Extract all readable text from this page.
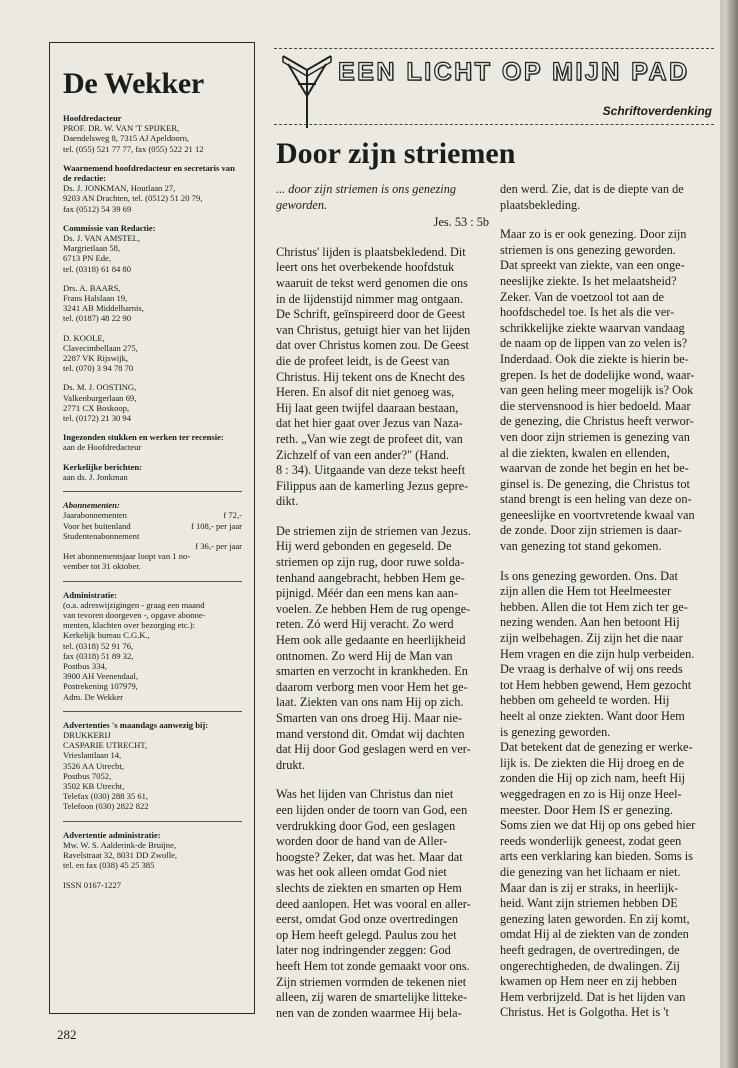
De Wekker
Hoofdredacteur
PROF. DR. W. VAN 'T SPIJKER,
Daendelsweg 8, 7315 AJ Apeldoorn,
tel. (055) 521 77 77, fax (055) 522 21 12
Waarnemend hoofdredacteur en secretaris van de redactie:
Ds. J. JONKMAN, Houtlaan 27,
9203 AN Drachten, tel. (0512) 51 20 79,
fax (0512) 54 39 69
Commissie van Redactie:
Ds. J. VAN AMSTEL,
Margrietlaan 58,
6713 PN Ede,
tel. (0318) 61 84 80
Drs. A. BAARS,
Frans Halslaan 19,
3241 AB Middelharnis,
tel. (0187) 48 22 90
D. KOOLE,
Clavecimbellaan 275,
2287 VK Rijswijk,
tel. (070) 3 94 78 70
Ds. M. J. OOSTING,
Valkenburgerlaan 69,
2771 CX Boskoop,
tel. (0172) 21 30 94
Ingezonden stukken en werken ter recensie:
aan de Hoofdredacteur
Kerkelijke berichten:
aan ds. J. Jonkman
Abonnementen:
Jaarabonnementen	f 72,-
Voor het buitenland	f 108,- per jaar
Studentenabonnement
f 36,- per jaar
Het abonnementsjaar loopt van 1 no-
vember tot 31 oktober.
Administratie:
(o.a. adreswijzigingen - graag een maand
van tevoren doorgeven -, opgave abonne-
menten, klachten over bezorging etc.):
Kerkelijk bureau C.G.K.,
tel. (0318) 52 91 76,
fax (0318) 51 89 32,
Postbus 334,
3900 AH Veenendaal,
Postrekening 107979,
Adm. De Wekker
Advertenties 's maandags aanwezig bij:
DRUKKERIJ
CASPARIE UTRECHT,
Vrieslantlaan 14,
3526 AA Utrecht,
Postbus 7052,
3502 KB Utrecht,
Telefax (030) 288 35 61,
Telefoon (030) 2822 822
Advertentie administratie:
Mw. W. S. Aalderink-de Bruijne,
Ravelstraat 32, 8031 DD Zwolle,
tel. en fax (038) 45 25 385
ISSN 0167-1227
EEN LICHT OP MIJN PAD
Schriftoverdenking
Door zijn striemen

... door zijn striemen is ons genezing
geworden.
Jes. 53 : 5b

Christus' lijden is plaatsbekledend. Dit
leert ons het overbekende hoofdstuk
waaruit de tekst werd genomen die ons
in de lijdenstijd nimmer mag ontgaan.
De Schrift, geïnspireerd door de Geest
van Christus, getuigt hier van het lijden
dat over Christus komen zou. De Geest
die de profeet leidt, is de Geest van
Christus. Hij tekent ons de Knecht des
Heren. En alsof dit niet genoeg was,
Hij laat geen twijfel daaraan bestaan,
dat het hier gaat over Jezus van Naza-
reth. „Van wie zegt de profeet dit, van
Zichzelf of van een ander?" (Hand.
8 : 34). Uitgaande van deze tekst heeft
Filippus aan de kamerling Jezus gepre-
dikt.

De striemen zijn de striemen van Jezus.
Hij werd gebonden en gegeseld. De
striemen op zijn rug, door ruwe solda-
tenhand aangebracht, hebben Hem ge-
pijnigd. Méér dan een mens kan aan-
voelen. Ze hebben Hem de rug openge-
reten. Zó werd Hij veracht. Zo werd
Hem ook alle gedaante en heerlijkheid
ontnomen. Zo werd Hij de Man van
smarten en verzocht in krankheden. En
daarom verborg men voor Hem het ge-
laat. Ziekten van ons nam Hij op zich.
Smarten van ons droeg Hij. Maar nie-
mand verstond dit. Omdat wij dachten
dat Hij door God geslagen werd en ver-
drukt.

Was het lijden van Christus dan niet
een lijden onder de toorn van God, een
verdrukking door God, een geslagen
worden door de hand van de Aller-
hoogste? Zeker, dat was het. Maar dat
was het ook alleen omdat God niet
slechts de ziekten en smarten op Hem
deed aanlopen. Het was vooral en aller-
eerst, omdat God onze overtredingen
op Hem heeft gelegd. Paulus zou het
later nog indringender zeggen: God
heeft Hem tot zonde gemaakt voor ons.
Zijn striemen vormden de tekenen niet
alleen, zij waren de smartelijke litteke-
nen van de zonden waarmee Hij bela-

den werd. Zie, dat is de diepte van de
plaatsbekleding.

Maar zo is er ook genezing. Door zijn
striemen is ons genezing geworden.
Dat spreekt van ziekte, van een onge-
neeslijke ziekte. Is het melaatsheid?
Zeker. Van de voetzool tot aan de
hoofdschedel toe. Is het als die ver-
schrikkelijke ziekte waarvan vandaag
de naam op de lippen van zo velen is?
Inderdaad. Ook die ziekte is hierin be-
grepen. Is het de dodelijke wond, waar-
van geen heling meer mogelijk is? Ook
die stervensnood is hier bedoeld. Maar
de genezing, die Christus heeft verwor-
ven door zijn striemen is genezing van
al die ziekten, kwalen en ellenden,
waarvan de zonde het begin en het be-
ginsel is. De genezing, die Christus tot
stand brengt is een heling van deze on-
geneeslijke en voortvretende kwaal van
de zonde. Door zijn striemen is daar-
van genezing tot stand gekomen.

Is ons genezing geworden. Ons. Dat
zijn allen die Hem tot Heelmeester
hebben. Allen die tot Hem zich ter ge-
nezing wenden. Aan hen betoont Hij
zijn welbehagen. Zij zijn het die naar
Hem vragen en die zijn hulp verbeiden.
De vraag is derhalve of wij ons reeds
tot Hem hebben gewend, Hem gezocht
hebben om geheeld te worden. Hij
heelt al onze ziekten. Want door Hem
is genezing geworden.
Dat betekent dat de genezing er werke-
lijk is. De ziekten die Hij droeg en de
zonden die Hij op zich nam, heeft Hij
weggedragen en zo is Hij onze Heel-
meester. Door Hem IS er genezing.
Soms zien we dat Hij op ons gebed hier
reeds wonderlijk geneest, zodat geen
arts een verklaring kan bieden. Soms is
die genezing van het lichaam er niet.
Maar dan is zij er straks, in heerlijk-
heid. Want zijn striemen hebben DE
genezing laten geworden. En zij komt,
omdat Hij al de ziekten van de zonden
heeft gedragen, de overtredingen, de
ongerechtigheden, de dwalingen. Zij
kwamen op Hem neer en zij hebben
Hem verbrijzeld. Dat is het lijden van
Christus. Het is Golgotha. Het is 't

282
